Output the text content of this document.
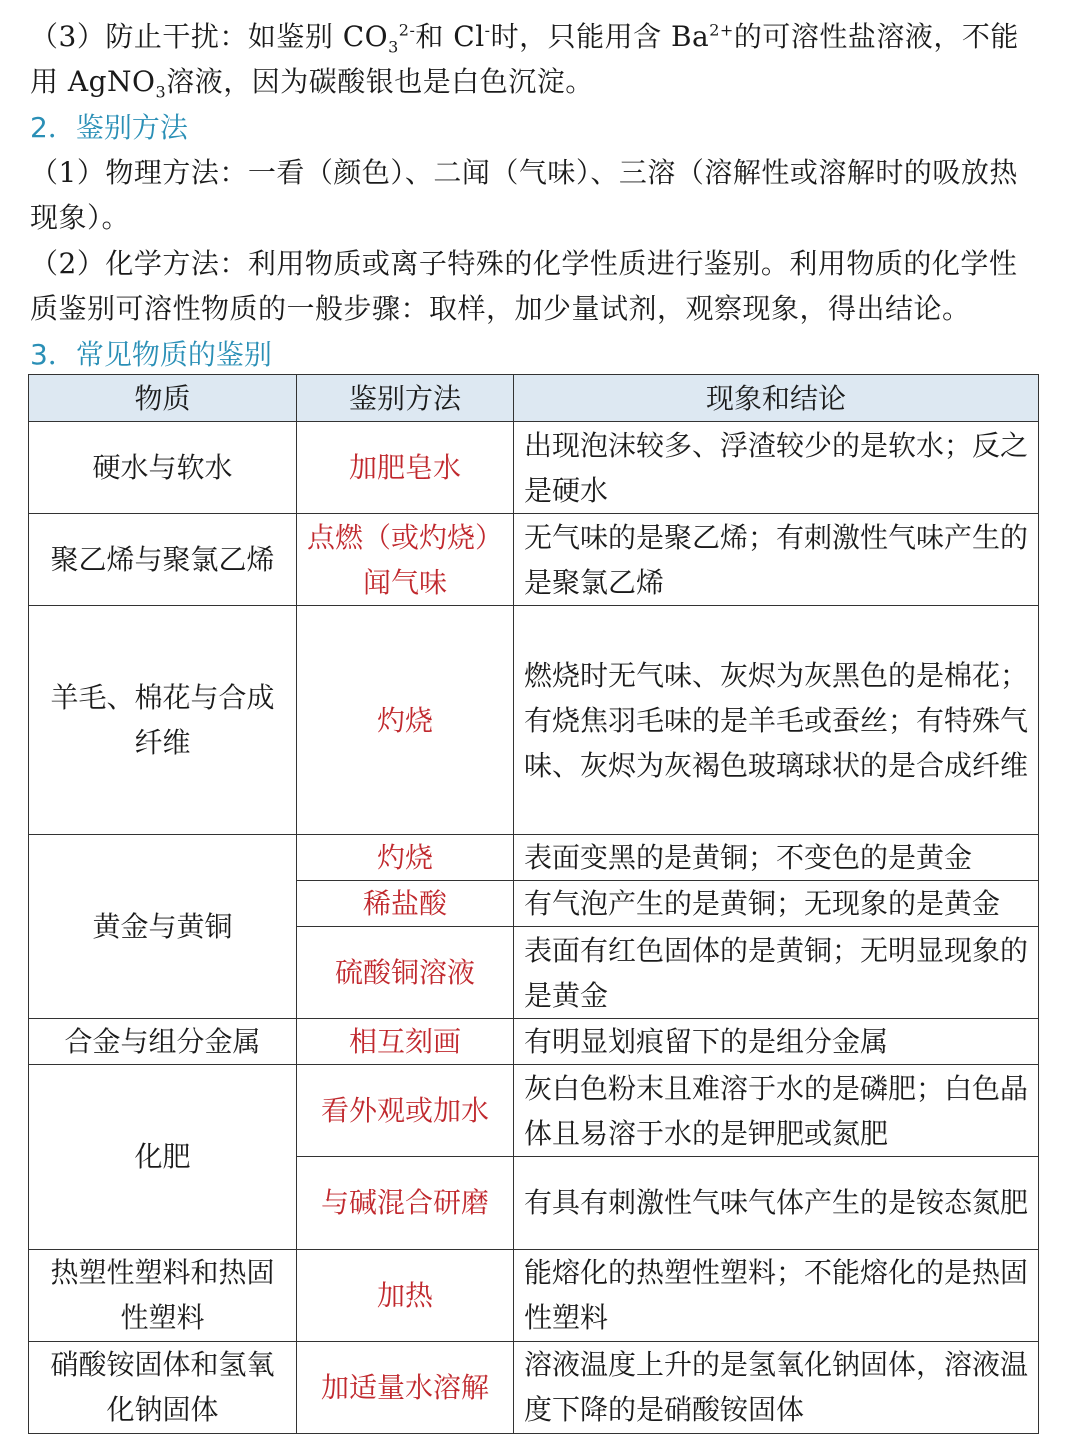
（3）防止干扰：如鉴别 $CO_3^{2-}$和 Cl-时，只能用含 $Ba^{2+}$的可溶性盐溶液，不能用 AgNO$_3$溶液，因为碳酸银也是白色沉淀。

2．鉴别方法

（1）物理方法：一看（颜色）、二闻（气味）、三溶（溶解性或溶解时的吸放热现象）。

（2）化学方法：利用物质或离子特殊的化学性质进行鉴别。利用物质的化学性质鉴别可溶性物质的一般步骤：取样，加少量试剂，观察现象，得出结论。

3．常见物质的鉴别
物质	鉴别方法	现象和结论
硬水与软水	加肥皂水	出现泡沫较多、浮渣较少的是软水；反之是硬水
聚乙烯与聚氯乙烯	点燃（或灼烧）闻气味	无气味的是聚乙烯；有刺激性气味产生的是聚氯乙烯
羊毛、棉花与合成纤维	灼烧	燃烧时无气味、灰烬为灰黑色的是棉花；
有烧焦羽毛味的是羊毛或蚕丝；有特殊气味、灰烬为灰褐色玻璃球状的是合成纤维

黄金与黄铜	灼烧	表面变黑的是黄铜；不变色的是黄金
	稀盐酸	有气泡产生的是黄铜；无现象的是黄金
	硫酸铜溶液	表面有红色固体的是黄铜；无明显现象的是黄金
合金与组分金属	相互刻画	有明显划痕留下的是组分金属
化肥	看外观或加水	灰白色粉末且难溶于水的是磷肥；白色晶体且易溶于水的是钾肥或氮肥
	与碱混合研磨	有具有刺激性气味气体产生的是铵态氮肥
热塑性塑料和热固性塑料	加热	能熔化的热塑性塑料；不能熔化的是热固性塑料
硝酸铵固体和氢氧化钠固体	加适量水溶解	溶液温度上升的是氢氧化钠固体，溶液温度下降的是硝酸铵固体
